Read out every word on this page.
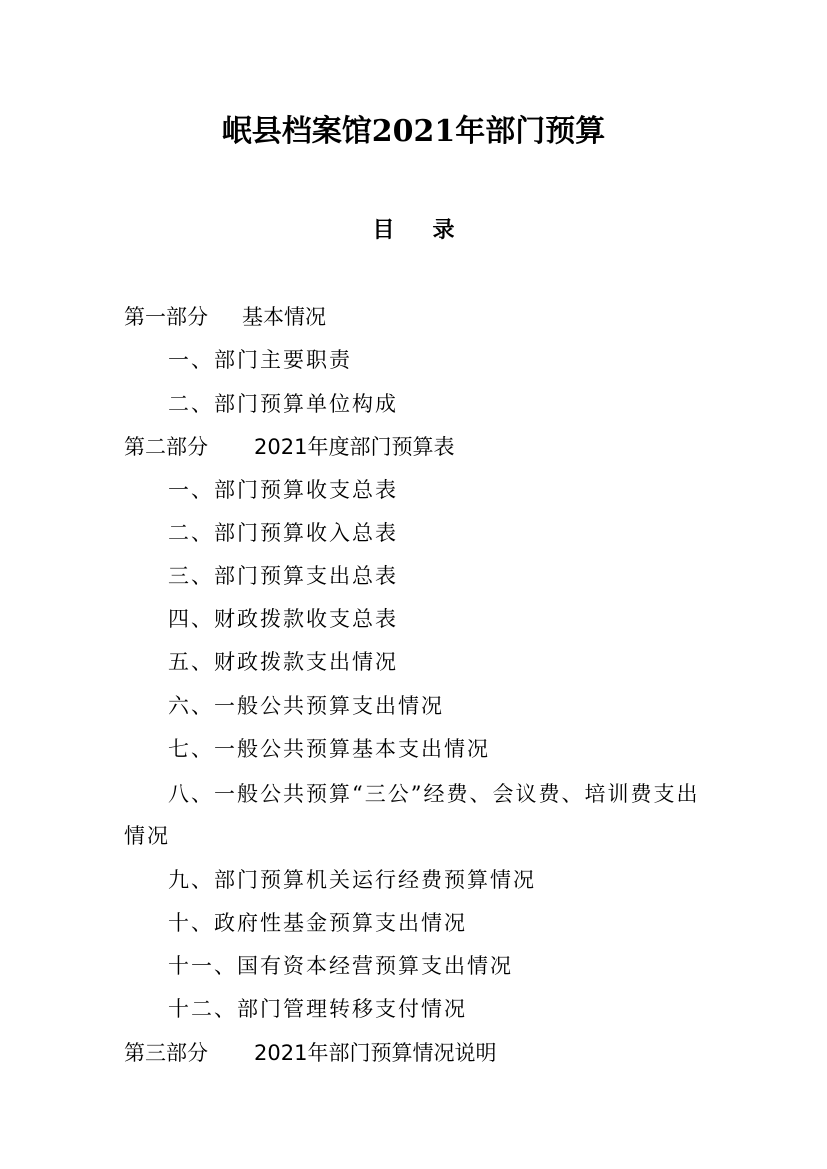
岷县档案馆2021年部门预算
目录
第一部分 基本情况
一、部门主要职责
二、部门预算单位构成
第二部分 2021年度部门预算表
一、部门预算收支总表
二、部门预算收入总表
三、部门预算支出总表
四、财政拨款收支总表
五、财政拨款支出情况
六、一般公共预算支出情况
七、一般公共预算基本支出情况
八、一般公共预算“三公”经费、会议费、培训费支出
情况
九、部门预算机关运行经费预算情况
十、政府性基金预算支出情况
十一、国有资本经营预算支出情况
十二、部门管理转移支付情况
第三部分 2021年部门预算情况说明
